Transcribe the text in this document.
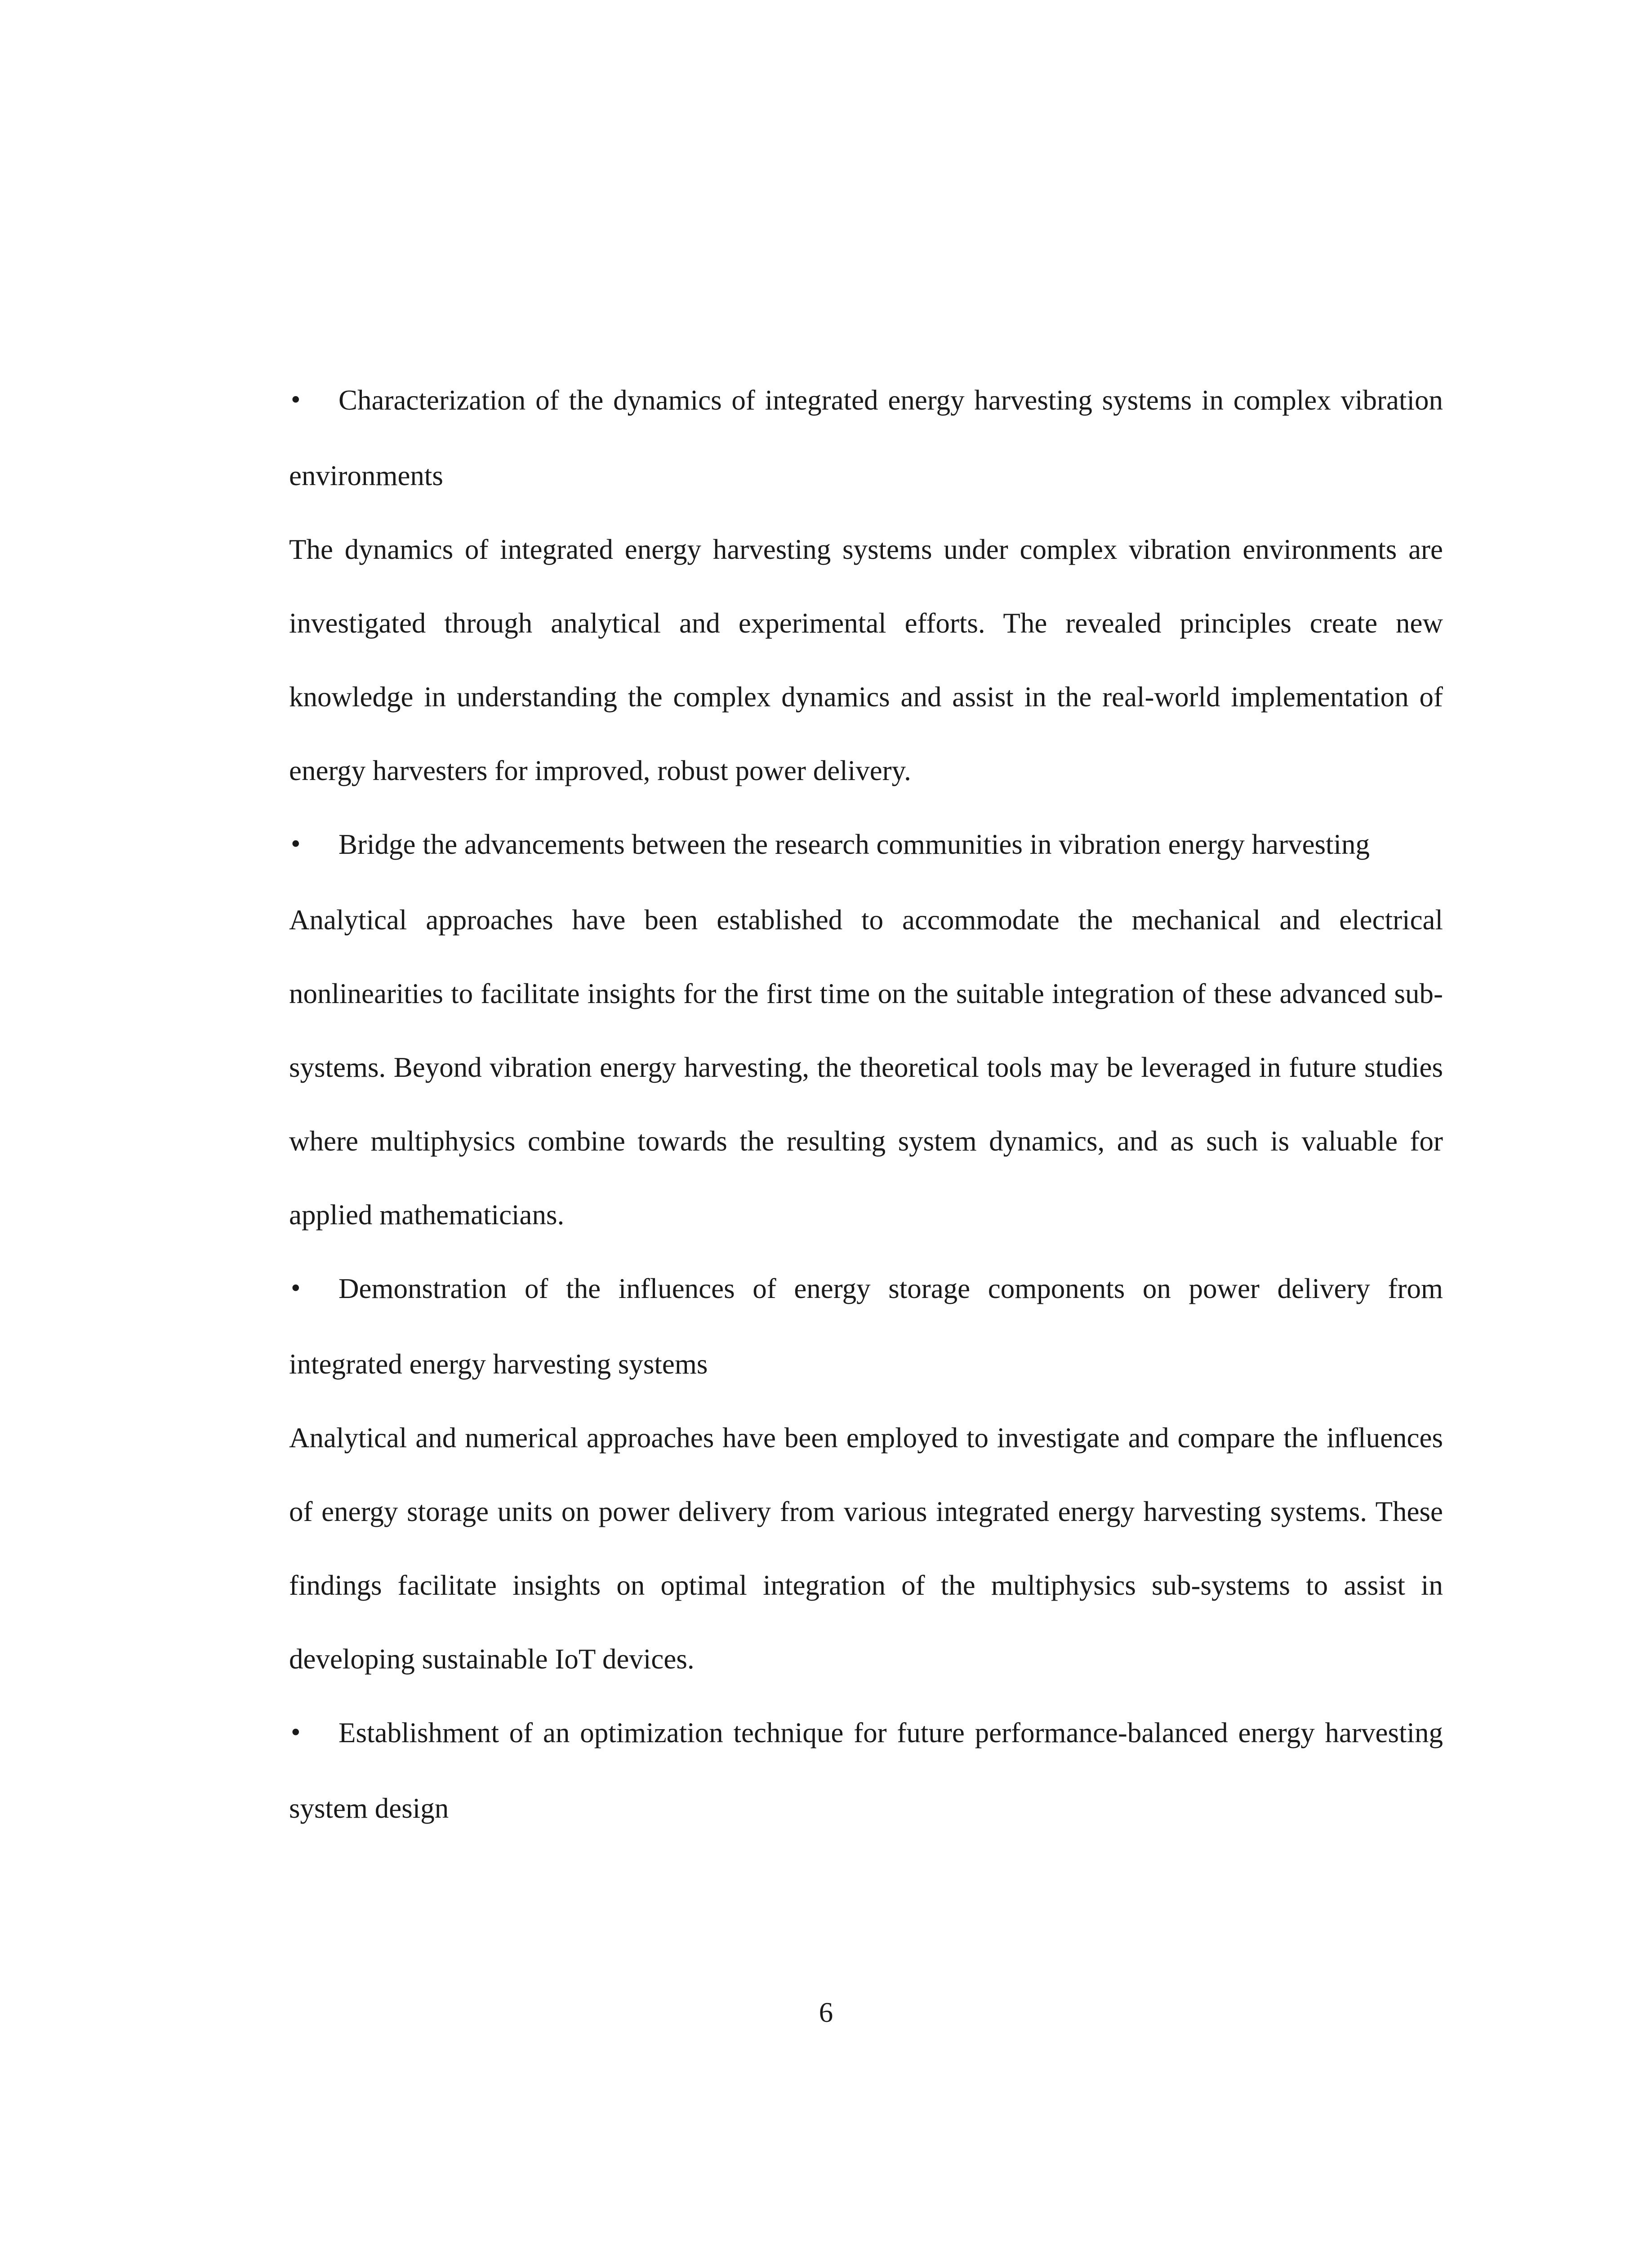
• Characterization of the dynamics of integrated energy harvesting systems in complex vibration environments

The dynamics of integrated energy harvesting systems under complex vibration environments are investigated through analytical and experimental efforts. The revealed principles create new knowledge in understanding the complex dynamics and assist in the real-world implementation of energy harvesters for improved, robust power delivery.

• Bridge the advancements between the research communities in vibration energy harvesting

Analytical approaches have been established to accommodate the mechanical and electrical nonlinearities to facilitate insights for the first time on the suitable integration of these advanced sub-systems. Beyond vibration energy harvesting, the theoretical tools may be leveraged in future studies where multiphysics combine towards the resulting system dynamics, and as such is valuable for applied mathematicians.

• Demonstration of the influences of energy storage components on power delivery from integrated energy harvesting systems

Analytical and numerical approaches have been employed to investigate and compare the influences of energy storage units on power delivery from various integrated energy harvesting systems. These findings facilitate insights on optimal integration of the multiphysics sub-systems to assist in developing sustainable IoT devices.

• Establishment of an optimization technique for future performance-balanced energy harvesting system design

6
